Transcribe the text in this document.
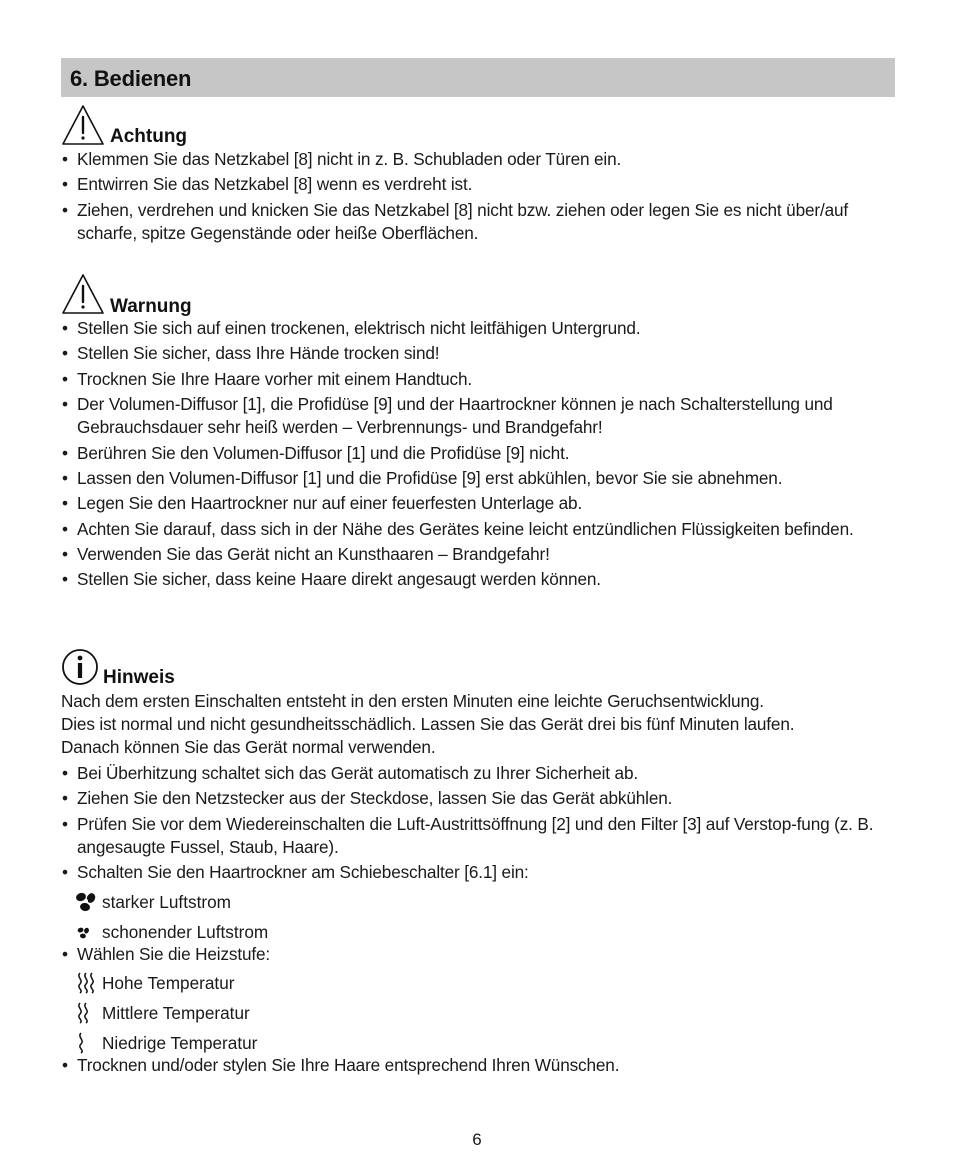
6. Bedienen
Achtung
• Klemmen Sie das Netzkabel [8] nicht in z. B. Schubladen oder Türen ein.
• Entwirren Sie das Netzkabel [8] wenn es verdreht ist.
• Ziehen, verdrehen und knicken Sie das Netzkabel [8] nicht bzw. ziehen oder legen Sie es nicht über/auf scharfe, spitze Gegenstände oder heiße Oberflächen.
Warnung
• Stellen Sie sich auf einen trockenen, elektrisch nicht leitfähigen Untergrund.
• Stellen Sie sicher, dass Ihre Hände trocken sind!
• Trocknen Sie Ihre Haare vorher mit einem Handtuch.
• Der Volumen-Diffusor [1], die Profidüse [9] und der Haartrockner können je nach Schalterstellung und Gebrauchsdauer sehr heiß werden – Verbrennungs- und Brandgefahr!
• Berühren Sie den Volumen-Diffusor [1] und die Profidüse [9] nicht.
• Lassen den Volumen-Diffusor [1] und die Profidüse [9] erst abkühlen, bevor Sie sie abnehmen.
• Legen Sie den Haartrockner nur auf einer feuerfesten Unterlage ab.
• Achten Sie darauf, dass sich in der Nähe des Gerätes keine leicht entzündlichen Flüssigkeiten befinden.
• Verwenden Sie das Gerät nicht an Kunsthaaren – Brandgefahr!
• Stellen Sie sicher, dass keine Haare direkt angesaugt werden können.
Hinweis
Nach dem ersten Einschalten entsteht in den ersten Minuten eine leichte Geruchsentwicklung.
Dies ist normal und nicht gesundheitsschädlich. Lassen Sie das Gerät drei bis fünf Minuten laufen.
Danach können Sie das Gerät normal verwenden.
• Bei Überhitzung schaltet sich das Gerät automatisch zu Ihrer Sicherheit ab.
• Ziehen Sie den Netzstecker aus der Steckdose, lassen Sie das Gerät abkühlen.
• Prüfen Sie vor dem Wiedereinschalten die Luft-Austrittsöffnung [2] und den Filter [3] auf Verstop-fung (z. B. angesaugte Fussel, Staub, Haare).
• Schalten Sie den Haartrockner am Schiebeschalter [6.1] ein:
starker Luftstrom
schonender Luftstrom
• Wählen Sie die Heizstufe:
Hohe Temperatur
Mittlere Temperatur
Niedrige Temperatur
• Trocknen und/oder stylen Sie Ihre Haare entsprechend Ihren Wünschen.
6
